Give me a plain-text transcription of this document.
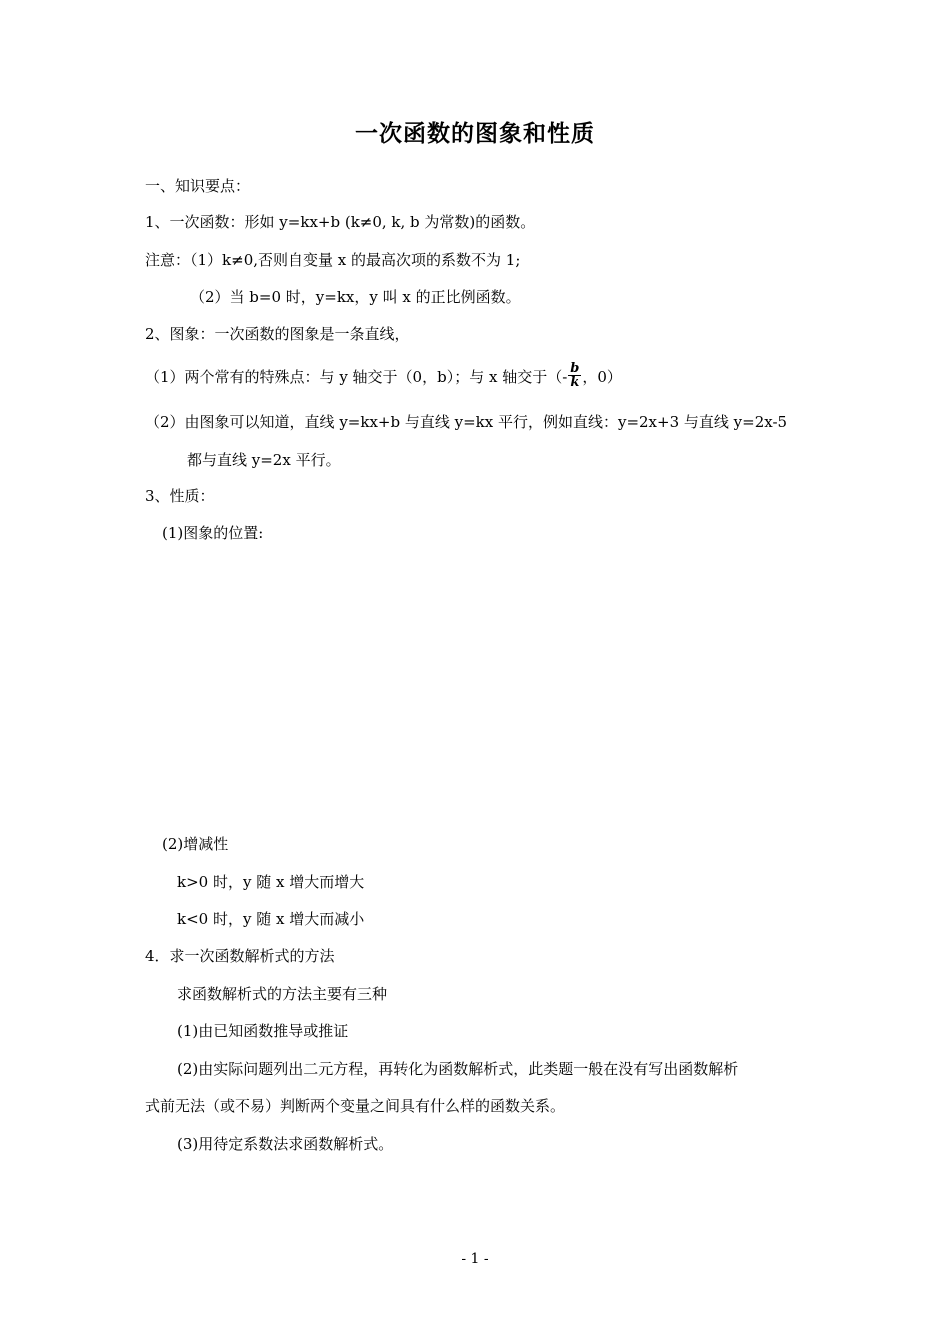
一次函数的图象和性质
一、知识要点：
1、一次函数：形如 y=kx+b (k≠0, k, b 为常数)的函数。
注意：（1）k≠0,否则自变量 x 的最高次项的系数不为 1;
（2）当 b=0 时，y=kx，y 叫 x 的正比例函数。
2、图象：一次函数的图象是一条直线，
（1）两个常有的特殊点：与 y 轴交于（0，b）；与 x 轴交于（- $\frac{b}{k}$ ，0）
（2）由图象可以知道，直线 y=kx+b 与直线 y=kx 平行，例如直线：y=2x+3 与直线 y=2x-5
都与直线 y=2x 平行。
3、性质：
(1)图象的位置:
(2)增减性
k>0 时，y 随 x 增大而增大
k<0 时，y 随 x 增大而减小
4．求一次函数解析式的方法
求函数解析式的方法主要有三种
(1)由已知函数推导或推证
(2)由实际问题列出二元方程，再转化为函数解析式，此类题一般在没有写出函数解析
式前无法（或不易）判断两个变量之间具有什么样的函数关系。
(3)用待定系数法求函数解析式。
- 1 -
